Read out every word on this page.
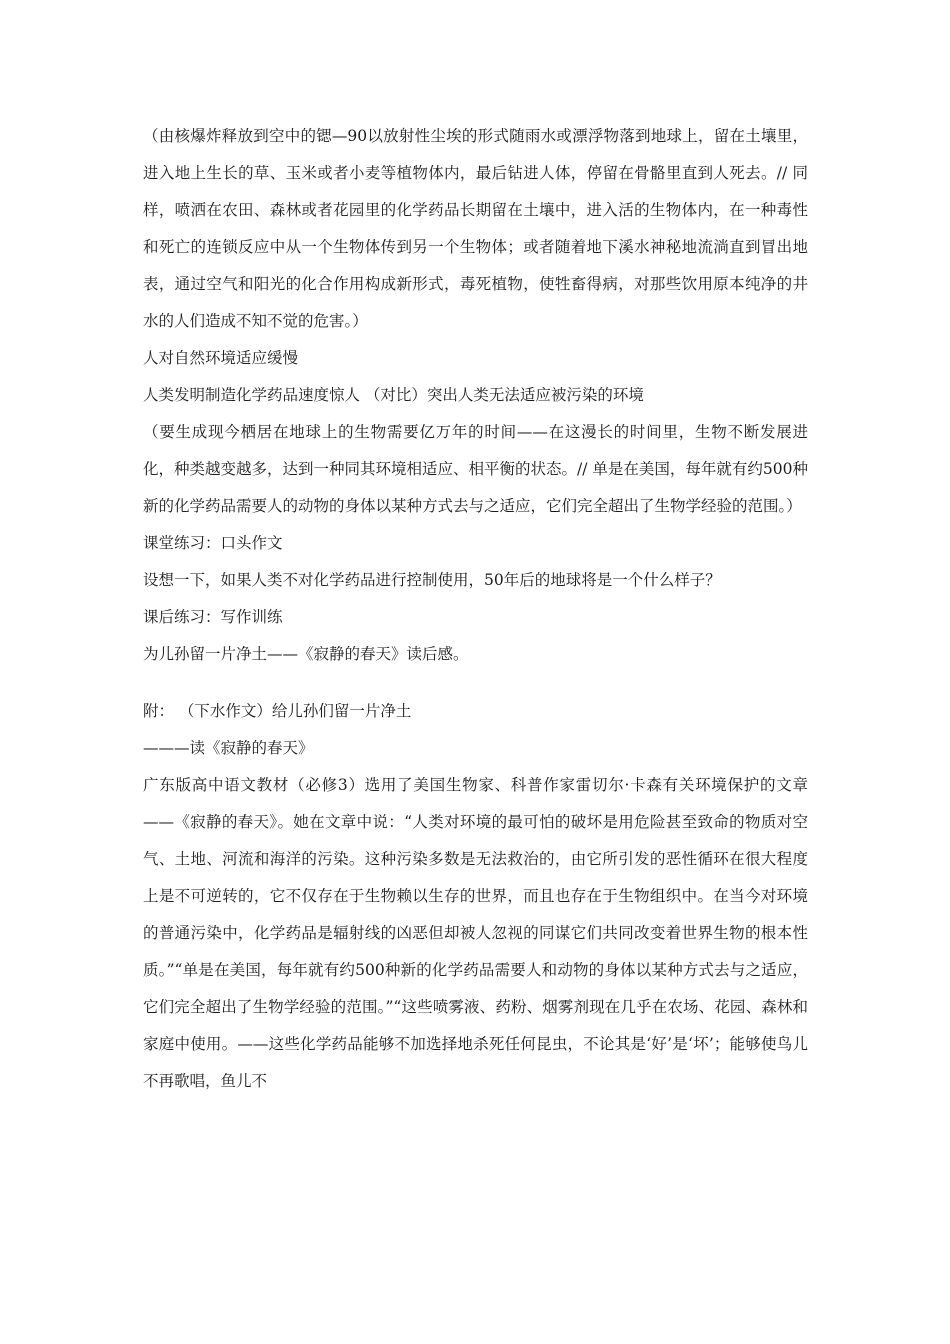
（由核爆炸释放到空中的锶—90以放射性尘埃的形式随雨水或漂浮物落到地球上，留在土壤里，进入地上生长的草、玉米或者小麦等植物体内，最后钻进人体，停留在骨骼里直到人死去。// 同样，喷洒在农田、森林或者花园里的化学药品长期留在土壤中，进入活的生物体内，在一种毒性和死亡的连锁反应中从一个生物体传到另一个生物体；或者随着地下溪水神秘地流淌直到冒出地表，通过空气和阳光的化合作用构成新形式，毒死植物，使牲畜得病，对那些饮用原本纯净的井水的人们造成不知不觉的危害。）

人对自然环境适应缓慢

人类发明制造化学药品速度惊人 （对比）突出人类无法适应被污染的环境

（要生成现今栖居在地球上的生物需要亿万年的时间——在这漫长的时间里，生物不断发展进化，种类越变越多，达到一种同其环境相适应、相平衡的状态。// 单是在美国，每年就有约500种新的化学药品需要人的动物的身体以某种方式去与之适应，它们完全超出了生物学经验的范围。）

课堂练习：口头作文

设想一下，如果人类不对化学药品进行控制使用，50年后的地球将是一个什么样子？

课后练习：写作训练

为儿孙留一片净土——《寂静的春天》读后感。

附： （下水作文）给儿孙们留一片净土

———读《寂静的春天》

广东版高中语文教材（必修3）选用了美国生物家、科普作家雷切尔·卡森有关环境保护的文章——《寂静的春天》。她在文章中说：“人类对环境的最可怕的破坏是用危险甚至致命的物质对空气、土地、河流和海洋的污染。这种污染多数是无法救治的，由它所引发的恶性循环在很大程度上是不可逆转的，它不仅存在于生物赖以生存的世界，而且也存在于生物组织中。在当今对环境的普通污染中，化学药品是辐射线的凶恶但却被人忽视的同谋它们共同改变着世界生物的根本性质。”“单是在美国，每年就有约500种新的化学药品需要人和动物的身体以某种方式去与之适应，它们完全超出了生物学经验的范围。”“这些喷雾液、药粉、烟雾剂现在几乎在农场、花园、森林和家庭中使用。——这些化学药品能够不加选择地杀死任何昆虫，不论其是‘好’是‘坏’；能够使鸟儿不再歌唱，鱼儿不
